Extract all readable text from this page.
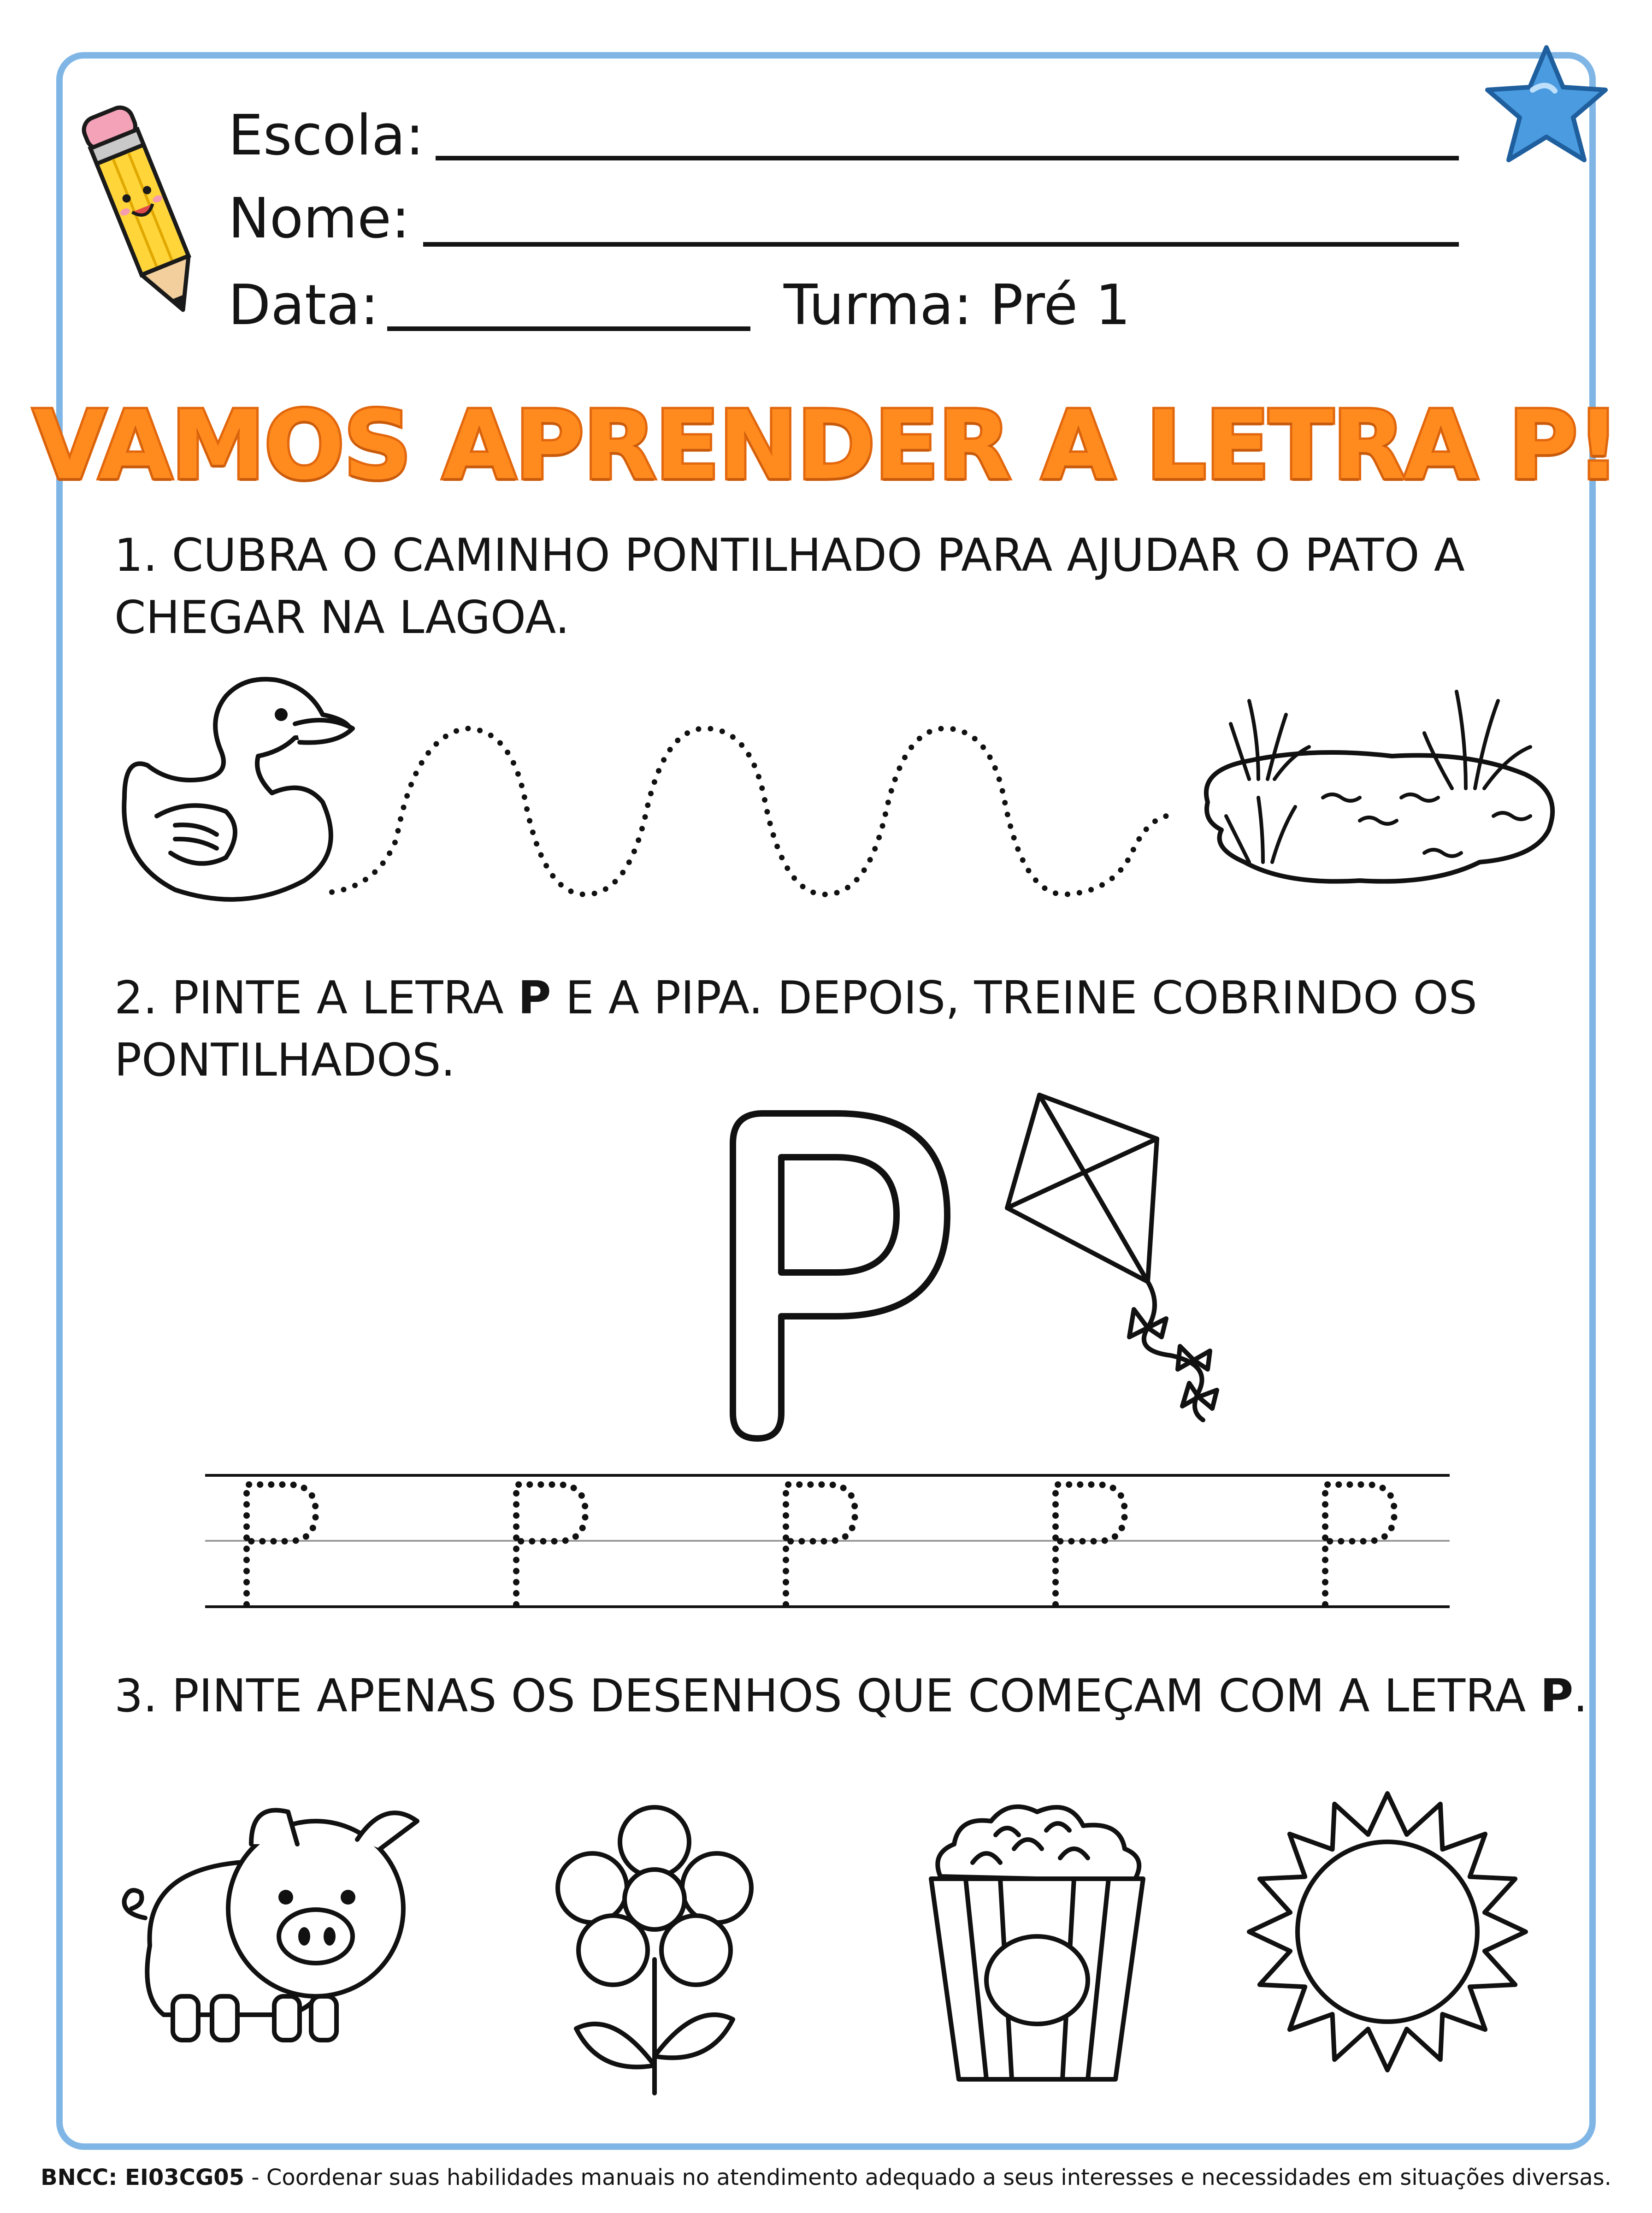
Escola:
Nome:
Data:	Turma: Pré 1
VAMOS APRENDER A LETRA P!
1. CUBRA O CAMINHO PONTILHADO PARA AJUDAR O PATO A
CHEGAR NA LAGOA.
2. PINTE A LETRA P E A PIPA. DEPOIS, TREINE COBRINDO OS
PONTILHADOS.
3. PINTE APENAS OS DESENHOS QUE COMEÇAM COM A LETRA P.
BNCC: EI03CG05 - Coordenar suas habilidades manuais no atendimento adequado a seus interesses e necessidades em situações diversas.
